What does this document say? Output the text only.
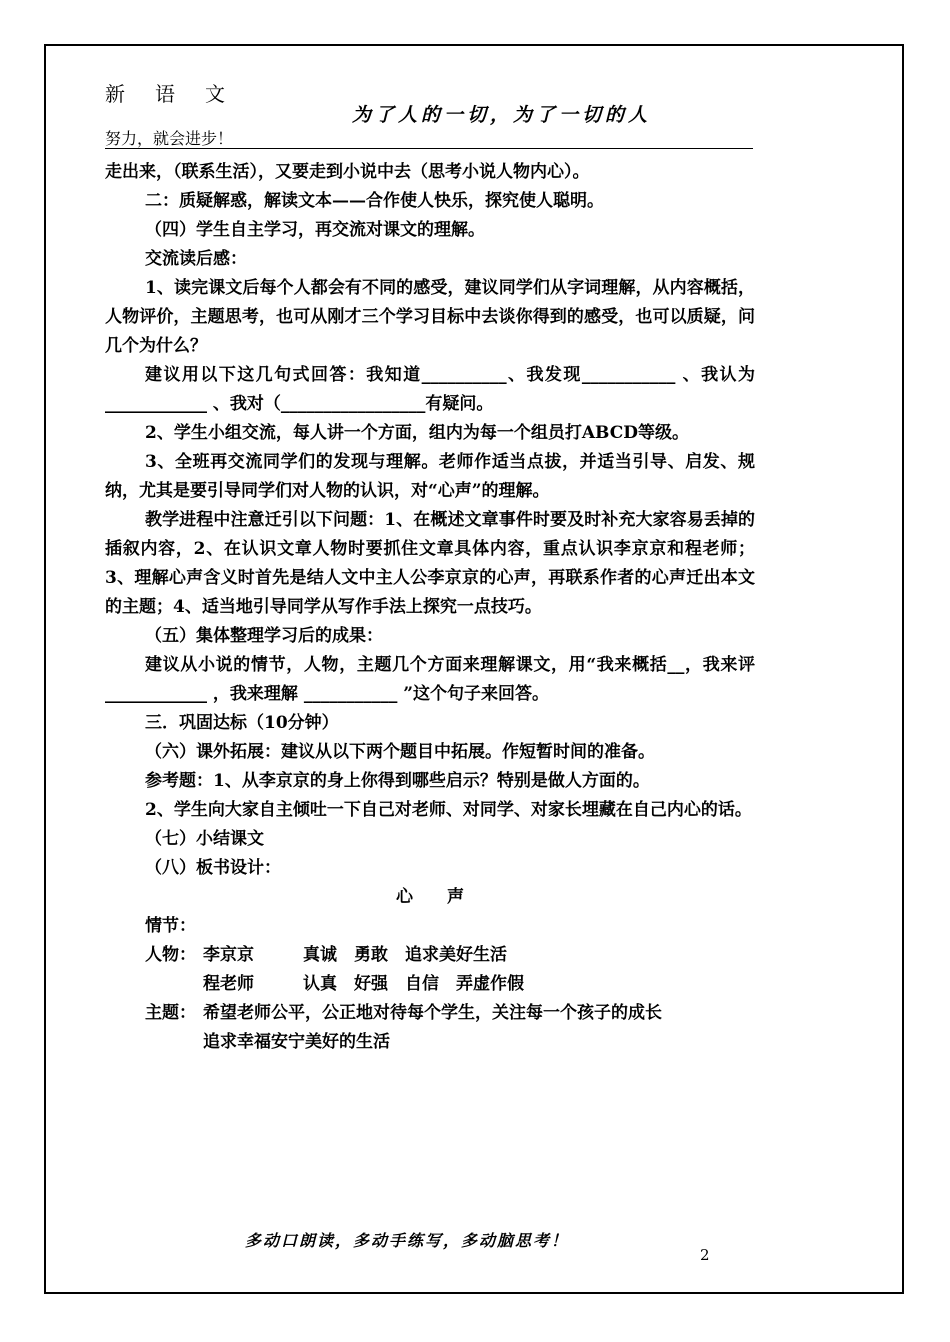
新语文
为了人的一切，为了一切的人
努力，就会进步！

走出来，（联系生活），又要走到小说中去（思考小说人物内心）。

二：质疑解惑，解读文本——合作使人快乐，探究使人聪明。

（四）学生自主学习，再交流对课文的理解。

交流读后感：

1、读完课文后每个人都会有不同的感受，建议同学们从字词理解，从内容概括，人物评价，主题思考，也可从刚才三个学习目标中去谈你得到的感受，也可以质疑，问几个为什么？

建议用以下这几句式回答：我知道__________、我发现___________ 、我认为 ____________ 、我对（_________________有疑问。

2、学生小组交流，每人讲一个方面，组内为每一个组员打ABCD等级。

3、全班再交流同学们的发现与理解。老师作适当点拔，并适当引导、启发、规纳，尤其是要引导同学们对人物的认识，对“心声”的理解。

教学进程中注意迁引以下问题：1、在概述文章事件时要及时补充大家容易丢掉的插叙内容，2、在认识文章人物时要抓住文章具体内容，重点认识李京京和程老师；3、理解心声含义时首先是结人文中主人公李京京的心声，再联系作者的心声迁出本文的主题；4、适当地引导同学从写作手法上探究一点技巧。

（五）集体整理学习后的成果：

建议从小说的情节，人物，主题几个方面来理解课文，用“我来概括__，我来评____________ ，我来理解 ___________ ”这个句子来回答。

三．巩固达标（10分钟）

（六）课外拓展：建议从以下两个题目中拓展。作短暂时间的准备。

参考题：1、从李京京的身上你得到哪些启示？特别是做人方面的。

2、学生向大家自主倾吐一下自己对老师、对同学、对家长埋藏在自己内心的话。

（七）小结课文

（八）板书设计：

心　　声

情节：

人物： 李京京	真诚　勇敢　追求美好生活
程老师	认真　好强　自信　弄虚作假
主题： 希望老师公平，公正地对待每个学生，关注每一个孩子的成长
追求幸福安宁美好的生活
多动口朗读，多动手练写，多动脑思考！
2
